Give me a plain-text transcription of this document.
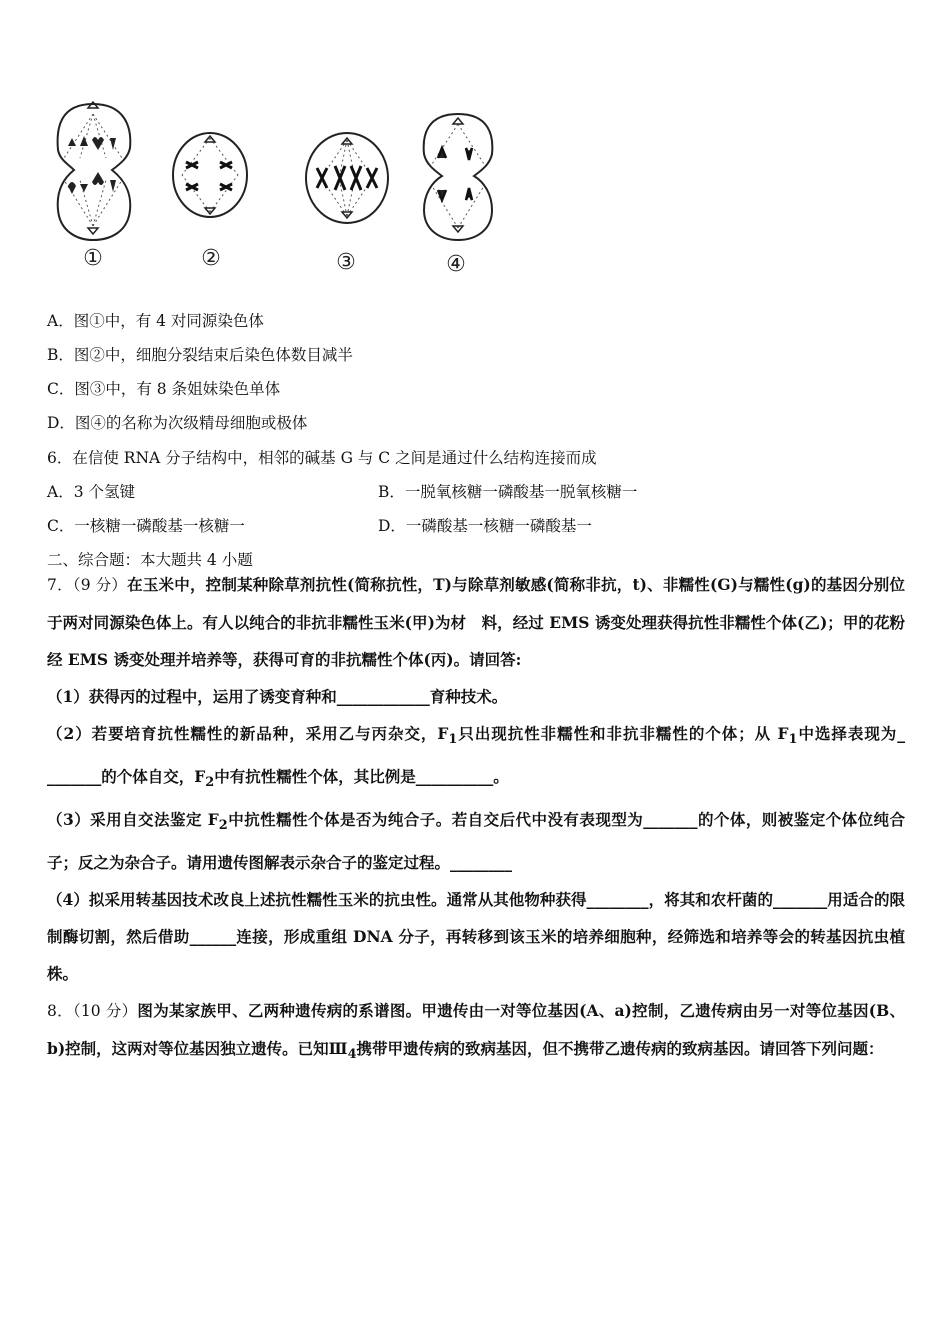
①	②	③	④
A．图①中，有 4 对同源染色体
B．图②中，细胞分裂结束后染色体数目减半
C．图③中，有 8 条姐妹染色单体
D．图④的名称为次级精母细胞或极体
6．在信使 RNA 分子结构中，相邻的碱基 G 与 C 之间是通过什么结构连接而成
A．3 个氢键	B．一脱氧核糖一磷酸基一脱氧核糖一
C．一核糖一磷酸基一核糖一	D．一磷酸基一核糖一磷酸基一
二、综合题：本大题共 4 小题

7．（9 分）在玉米中，控制某种除草剂抗性(简称抗性，T)与除草剂敏感(简称非抗，t)、非糯性(G)与糯性(g)的基因分别位于两对同源染色体上。有人以纯合的非抗非糯性玉米(甲)为材　料，经过 EMS 诱变处理获得抗性非糯性个体(乙)；甲的花粉经 EMS 诱变处理并培养等，获得可育的非抗糯性个体(丙)。请回答:

（1）获得丙的过程中，运用了诱变育种和____________育种技术。

（2）若要培育抗性糯性的新品种，采用乙与丙杂交，$F_1$只出现抗性非糯性和非抗非糯性的个体；从 $F_1$中选择表现为_ _______的个体自交，$F_2$中有抗性糯性个体，其比例是__________。

（3）采用自交法鉴定 $F_2$中抗性糯性个体是否为纯合子。若自交后代中没有表现型为_______的个体，则被鉴定个体位纯合子；反之为杂合子。请用遗传图解表示杂合子的鉴定过程。________

（4）拟采用转基因技术改良上述抗性糯性玉米的抗虫性。通常从其他物种获得________，将其和农杆菌的_______用适合的限制酶切割，然后借助______连接，形成重组 DNA 分子，再转移到该玉米的培养细胞种，经筛选和培养等会的转基因抗虫植株。

8．（10 分）图为某家族甲、乙两种遗传病的系谱图。甲遗传由一对等位基因(A、a)控制，乙遗传病由另一对等位基因(B、b)控制，这两对等位基因独立遗传。已知$Ⅲ_4$携带甲遗传病的致病基因，但不携带乙遗传病的致病基因。请回答下列问题：
